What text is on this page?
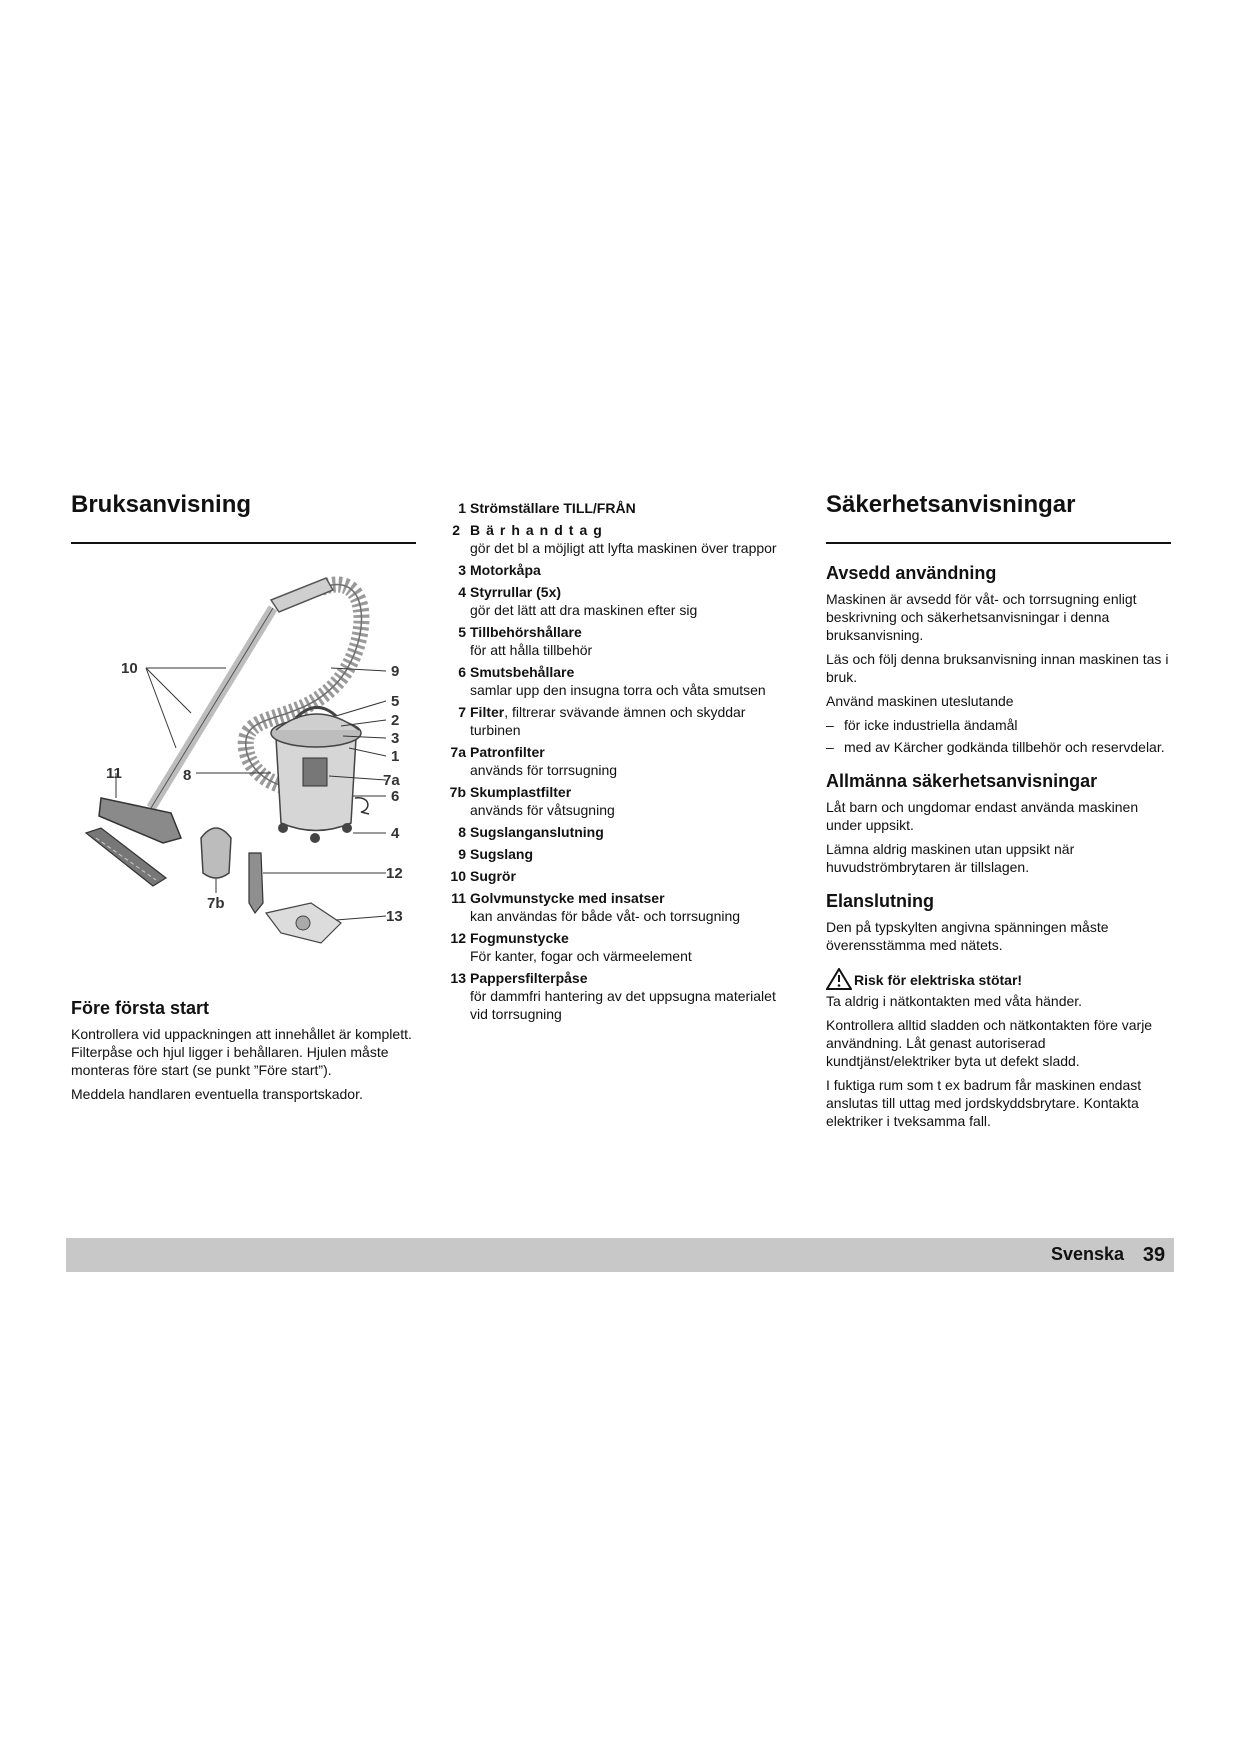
Bruksanvisning
10	9
5
2
3
1
11	8	7a
6
4
12
7b
13
Före första start

Kontrollera vid uppackningen att innehållet är komplett. Filterpåse och hjul ligger i behållaren. Hjulen måste monteras före start (se punkt ”Före start”).

Meddela handlaren eventuella transportskador.

1 Strömställare TILL/FRÅN
2 Bärhandtag
gör det bl a möjligt att lyfta maskinen över trappor
3 Motorkåpa
4 Styrrullar (5x)
gör det lätt att dra maskinen efter sig
5 Tillbehörshållare
för att hålla tillbehör
6 Smutsbehållare
samlar upp den insugna torra och våta smutsen
7 Filter, filtrerar svävande ämnen och skyddar
turbinen
7a Patronfilter
används för torrsugning
7b Skumplastfilter
används för våtsugning
8 Sugslanganslutning
9 Sugslang
10 Sugrör
11 Golvmunstycke med insatser
kan användas för både våt- och torrsugning
12 Fogmunstycke
För kanter, fogar och värmeelement
13 Pappersfilterpåse
för dammfri hantering av det uppsugna materialet vid torrsugning
Säkerhetsanvisningar
Avsedd användning

Maskinen är avsedd för våt- och torrsugning enligt beskrivning och säkerhetsanvisningar i denna bruksanvisning.

Läs och följ denna bruksanvisning innan maskinen tas i bruk.

Använd maskinen uteslutande

– för icke industriella ändamål
– med av Kärcher godkända tillbehör och reservdelar.
Allmänna säkerhetsanvisningar

Låt barn och ungdomar endast använda maskinen under uppsikt.

Lämna aldrig maskinen utan uppsikt när huvudströmbrytaren är tillslagen.

Elanslutning

Den på typskylten angivna spänningen måste överensstämma med nätets.

Risk för elektriska stötar!

Ta aldrig i nätkontakten med våta händer.

Kontrollera alltid sladden och nätkontakten före varje användning. Låt genast autoriserad kundtjänst/elektriker byta ut defekt sladd.

I fuktiga rum som t ex badrum får maskinen endast anslutas till uttag med jordskyddsbrytare. Kontakta elektriker i tveksamma fall.

Svenska 39
